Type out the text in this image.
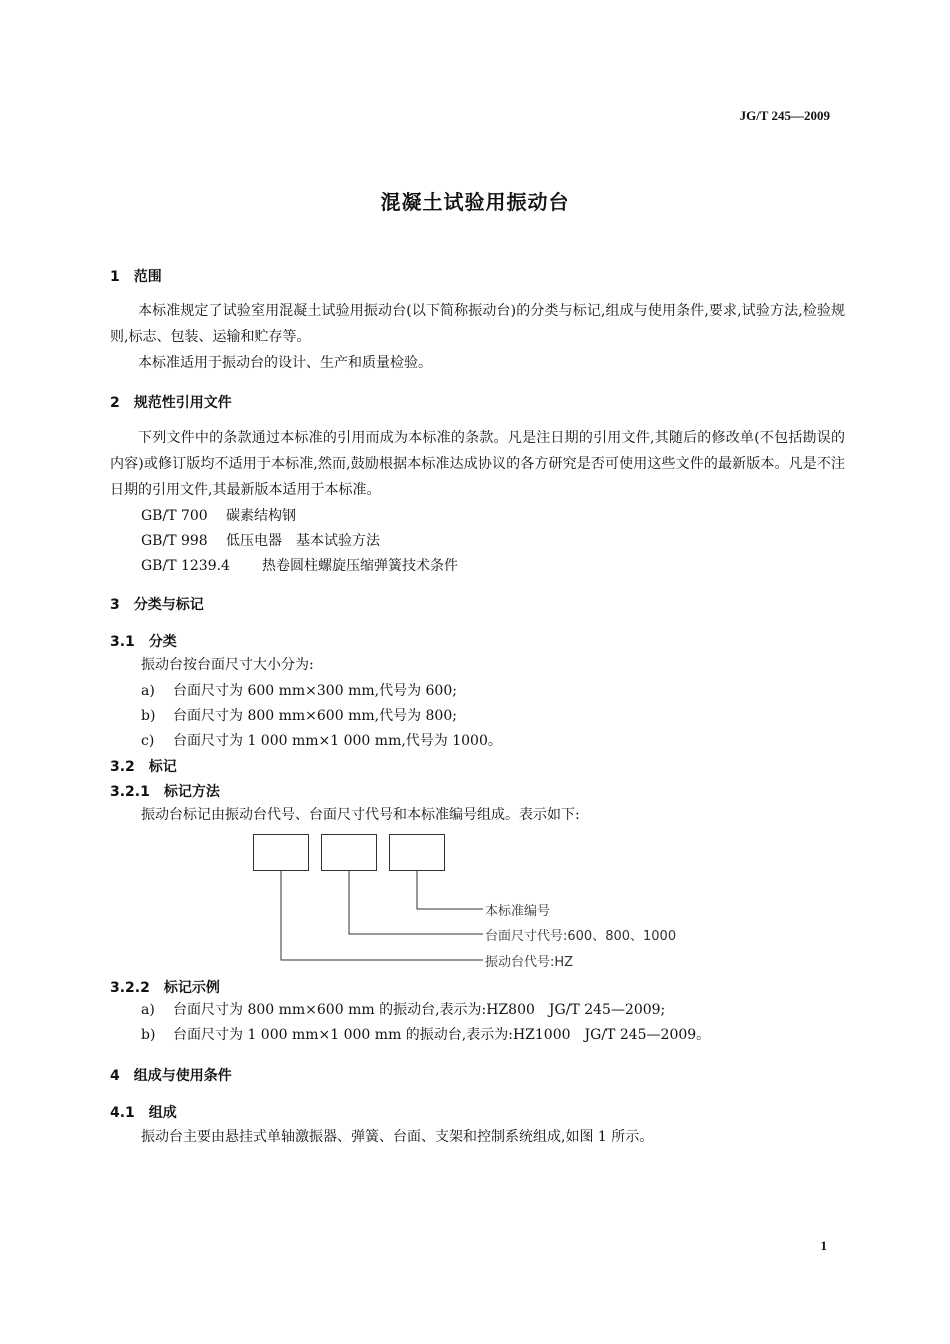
JG/T 245—2009
混凝土试验用振动台
1　范围
本标准规定了试验室用混凝土试验用振动台(以下简称振动台)的分类与标记,组成与使用条件,要求,试验方法,检验规则,标志、包装、运输和贮存等。
本标准适用于振动台的设计、生产和质量检验。
2　规范性引用文件
下列文件中的条款通过本标准的引用而成为本标准的条款。凡是注日期的引用文件,其随后的修改单(不包括勘误的内容)或修订版均不适用于本标准,然而,鼓励根据本标准达成协议的各方研究是否可使用这些文件的最新版本。凡是不注日期的引用文件,其最新版本适用于本标准。
GB/T 700 碳素结构钢
GB/T 998 低压电器　基本试验方法
GB/T 1239.4 热卷圆柱螺旋压缩弹簧技术条件
3　分类与标记
3.1　分类
振动台按台面尺寸大小分为:
a) 台面尺寸为 600 mm×300 mm,代号为 600;
b) 台面尺寸为 800 mm×600 mm,代号为 800;
c) 台面尺寸为 1 000 mm×1 000 mm,代号为 1000。
3.2　标记
3.2.1　标记方法
振动台标记由振动台代号、台面尺寸代号和本标准编号组成。表示如下:
本标准编号
台面尺寸代号:600、800、1000
振动台代号:HZ
3.2.2　标记示例
a) 台面尺寸为 800 mm×600 mm 的振动台,表示为:HZ800　JG/T 245—2009;
b) 台面尺寸为 1 000 mm×1 000 mm 的振动台,表示为:HZ1000　JG/T 245—2009。
4　组成与使用条件
4.1　组成
振动台主要由悬挂式单轴激振器、弹簧、台面、支架和控制系统组成,如图 1 所示。
1
